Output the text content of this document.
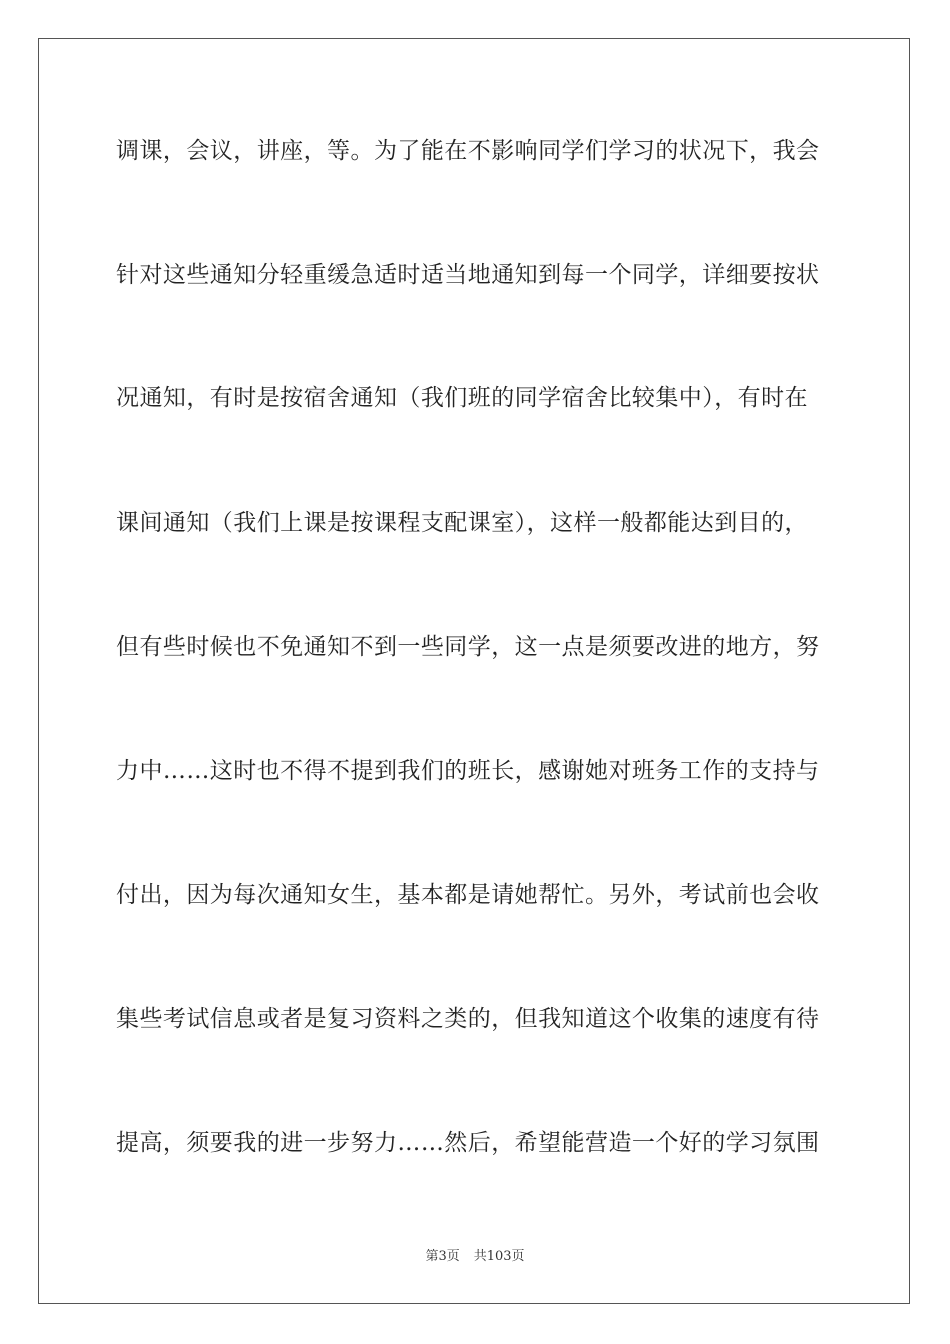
调课，会议，讲座，等。为了能在不影响同学们学习的状况下，我会
针对这些通知分轻重缓急适时适当地通知到每一个同学，详细要按状
况通知，有时是按宿舍通知（我们班的同学宿舍比较集中），有时在
课间通知（我们上课是按课程支配课室），这样一般都能达到目的，
但有些时候也不免通知不到一些同学，这一点是须要改进的地方，努
力中……这时也不得不提到我们的班长，感谢她对班务工作的支持与
付出，因为每次通知女生，基本都是请她帮忙。另外，考试前也会收
集些考试信息或者是复习资料之类的，但我知道这个收集的速度有待
提高，须要我的进一步努力……然后，希望能营造一个好的学习氛围
第3页 共103页
